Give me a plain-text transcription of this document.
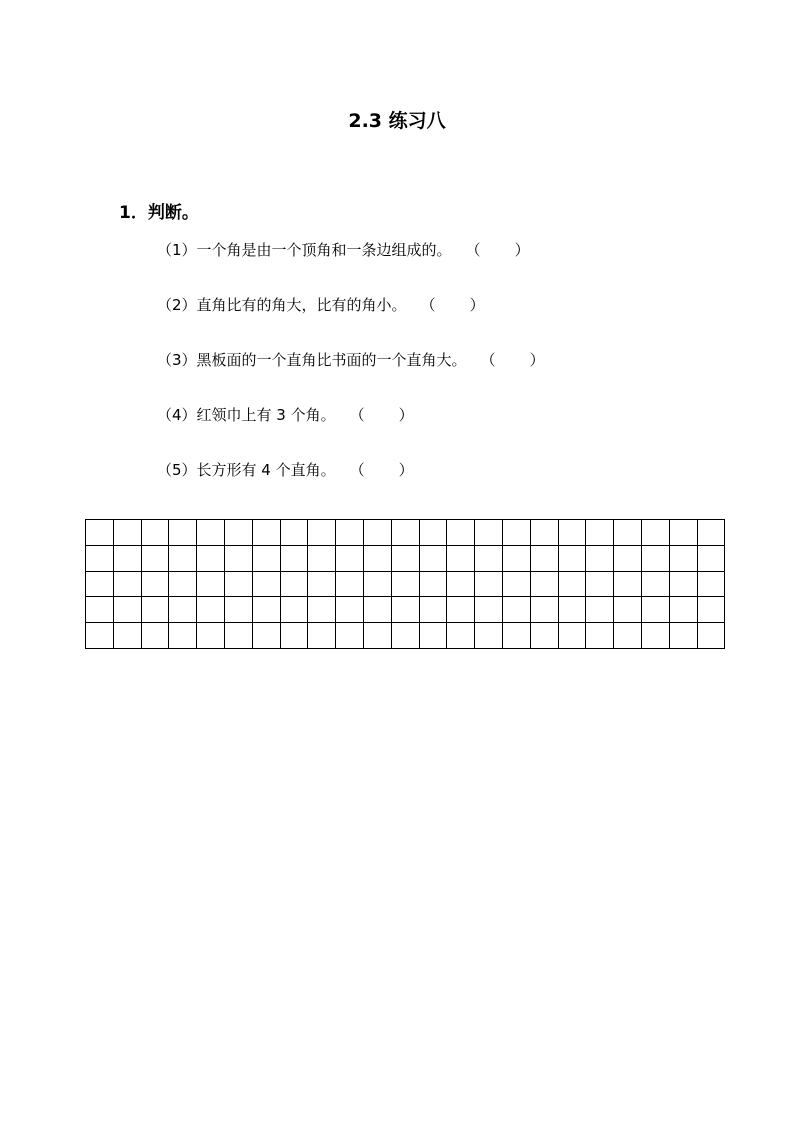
2.3 练习八
1．判断。
（1）一个角是由一个顶角和一条边组成的。 （ ）
（2）直角比有的角大，比有的角小。 （ ）
（3）黑板面的一个直角比书面的一个直角大。 （ ）
（4）红领巾上有 3 个角。 （ ）
（5）长方形有 4 个直角。 （ ）
